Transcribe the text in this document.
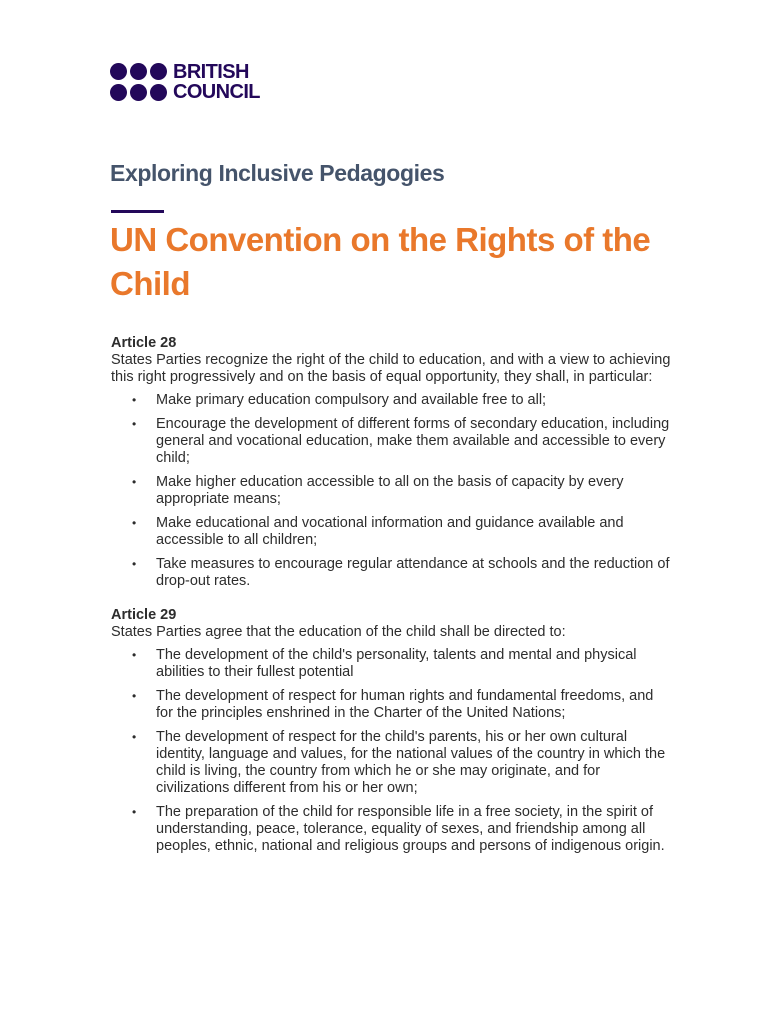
BRITISH
COUNCIL
Exploring Inclusive Pedagogies
UN Convention on the Rights of the Child

Article 28

States Parties recognize the right of the child to education, and with a view to achieving this right progressively and on the basis of equal opportunity, they shall, in particular:

• Make primary education compulsory and available free to all;
• Encourage the development of different forms of secondary education, including general and vocational education, make them available and accessible to every child;
• Make higher education accessible to all on the basis of capacity by every appropriate means;
• Make educational and vocational information and guidance available and accessible to all children;
• Take measures to encourage regular attendance at schools and the reduction of drop-out rates.

Article 29

States Parties agree that the education of the child shall be directed to:

• The development of the child's personality, talents and mental and physical abilities to their fullest potential
• The development of respect for human rights and fundamental freedoms, and for the principles enshrined in the Charter of the United Nations;
• The development of respect for the child's parents, his or her own cultural identity, language and values, for the national values of the country in which the child is living, the country from which he or she may originate, and for civilizations different from his or her own;
• The preparation of the child for responsible life in a free society, in the spirit of understanding, peace, tolerance, equality of sexes, and friendship among all peoples, ethnic, national and religious groups and persons of indigenous origin.
